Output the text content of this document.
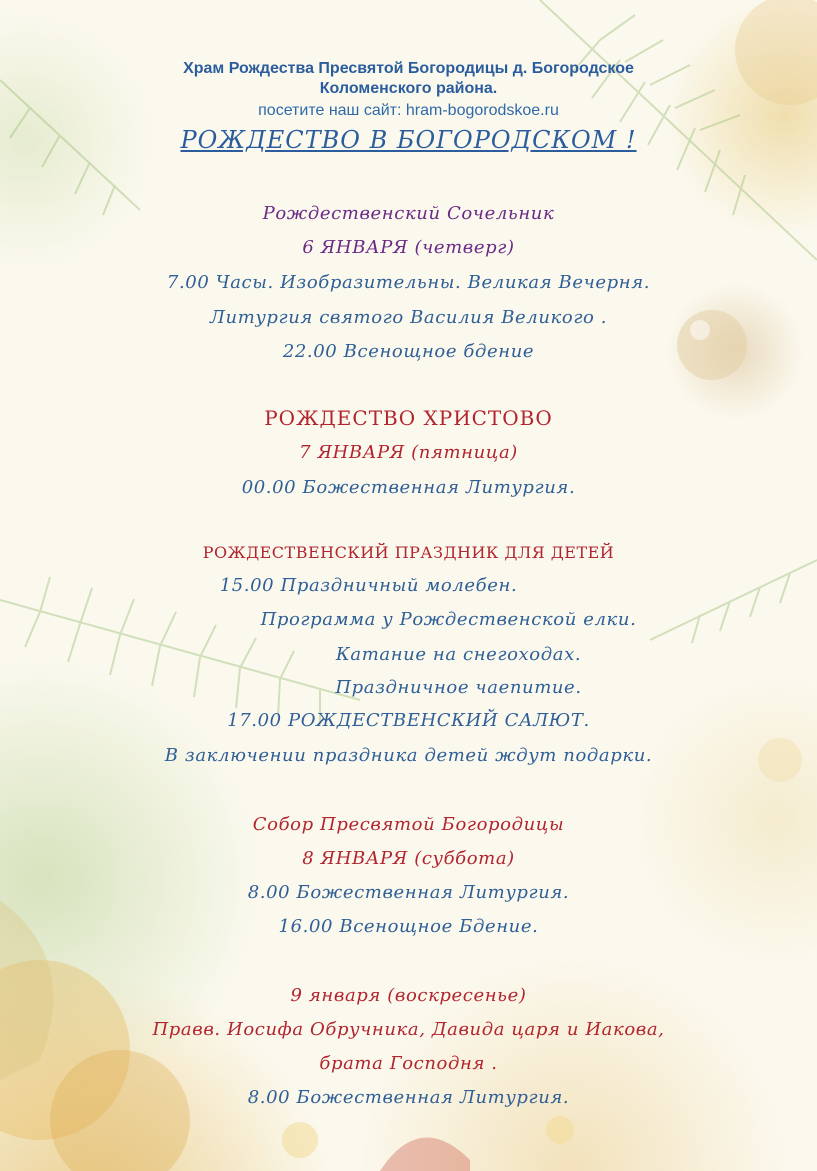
Храм Рождества Пресвятой Богородицы д. Богородское

Коломенского района.

посетите наш сайт: hram-bogorodskoe.ru

РОЖДЕСТВО В БОГОРОДСКОМ !

Рождественский Сочельник

6 ЯНВАРЯ (четверг)

7.00 Часы. Изобразительны. Великая Вечерня.

Литургия святого Василия Великого .

22.00 Всенощное бдение

РОЖДЕСТВО ХРИСТОВО

7 ЯНВАРЯ (пятница)

00.00 Божественная Литургия.

РОЖДЕСТВЕНСКИЙ ПРАЗДНИК ДЛЯ ДЕТЕЙ

15.00 Праздничный молебен.

Программа у Рождественской елки.

Катание на снегоходах.

Праздничное чаепитие.

17.00 РОЖДЕСТВЕНСКИЙ САЛЮТ.

В заключении праздника детей ждут подарки.

Собор Пресвятой Богородицы

8 ЯНВАРЯ (суббота)

8.00 Божественная Литургия.

16.00 Всенощное Бдение.

9 января (воскресенье)

Правв. Иосифа Обручника, Давида царя и Иакова,

брата Господня .

8.00 Божественная Литургия.
